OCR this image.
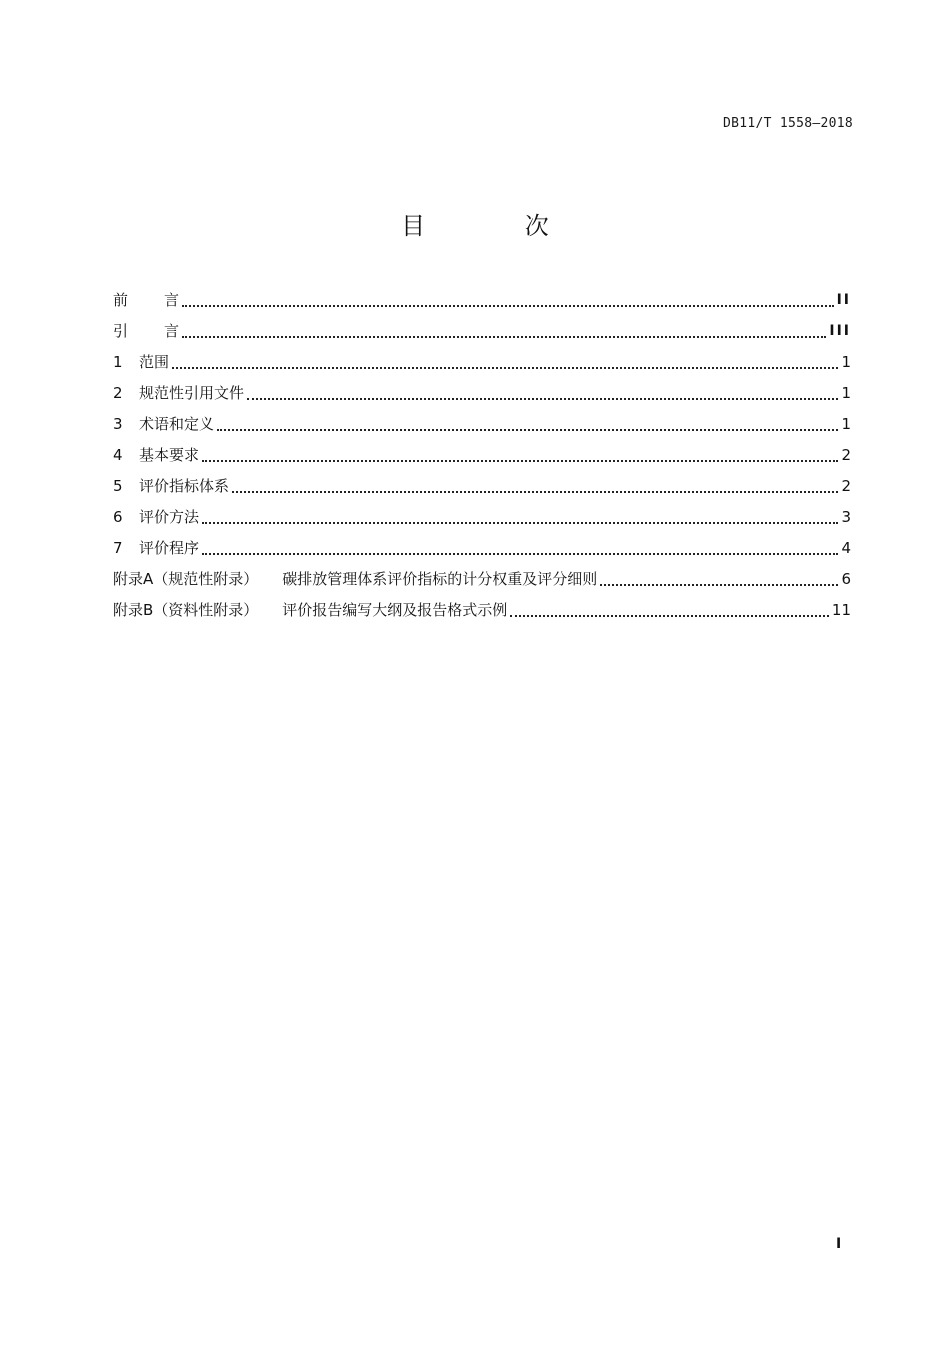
DB11/T 1558—2018
目 次
前言	II
引言	III
1	范围	1
2	规范性引用文件	1
3	术语和定义	1
4	基本要求	2
5	评价指标体系	2
6	评价方法	3
7	评价程序	4
附录A（规范性附录） 碳排放管理体系评价指标的计分权重及评分细则	6
附录B（资料性附录） 评价报告编写大纲及报告格式示例	11
I
